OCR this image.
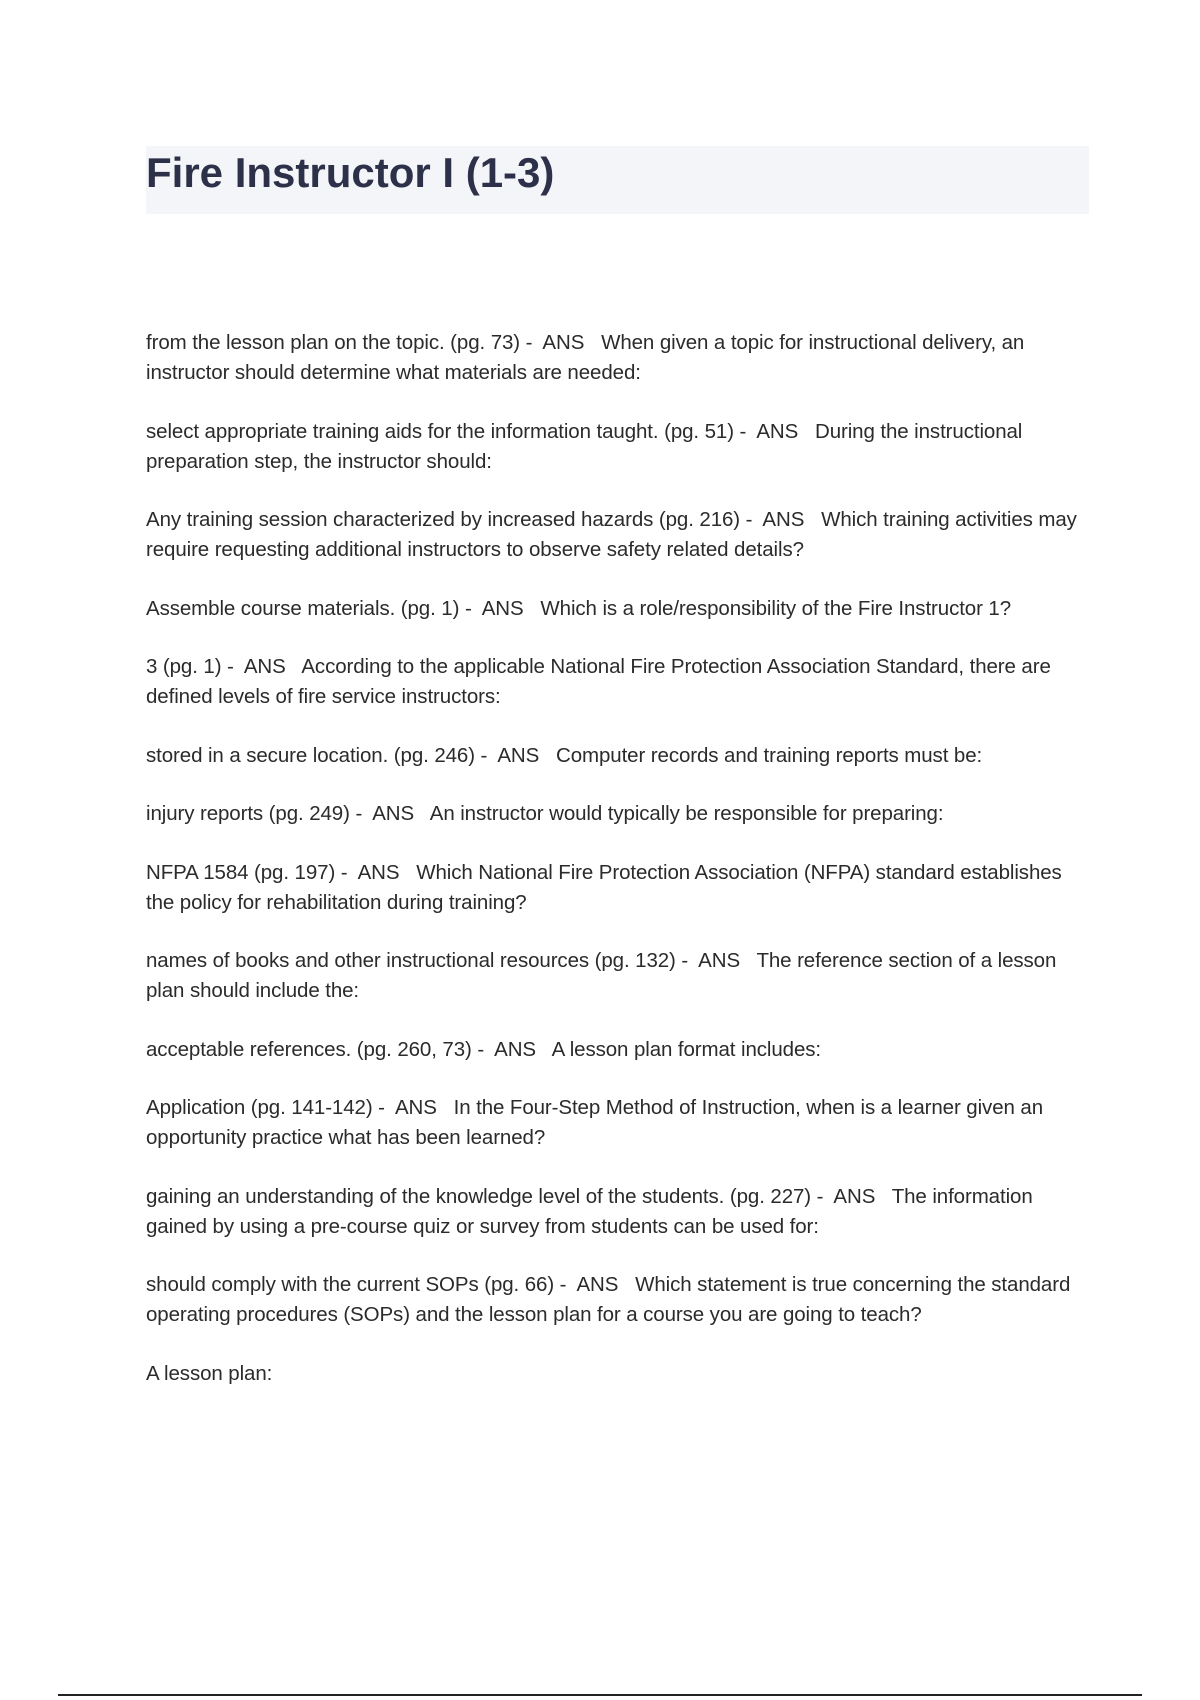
Fire Instructor I (1-3)
from the lesson plan on the topic. (pg. 73) -  ANS When given a topic for instructional delivery, an instructor should determine what materials are needed:
select appropriate training aids for the information taught. (pg. 51) -  ANS During the instructional preparation step, the instructor should:
Any training session characterized by increased hazards (pg. 216) -  ANS Which training activities may require requesting additional instructors to observe safety related details?
Assemble course materials. (pg. 1) -  ANS Which is a role/responsibility of the Fire Instructor 1?
3 (pg. 1) -  ANS According to the applicable National Fire Protection Association Standard, there are defined levels of fire service instructors:
stored in a secure location. (pg. 246) -  ANS Computer records and training reports must be:
injury reports (pg. 249) -  ANS An instructor would typically be responsible for preparing:
NFPA 1584 (pg. 197) -  ANS Which National Fire Protection Association (NFPA) standard establishes the policy for rehabilitation during training?
names of books and other instructional resources (pg. 132) -  ANS The reference section of a lesson plan should include the:
acceptable references. (pg. 260, 73) -  ANS A lesson plan format includes:
Application (pg. 141-142) -  ANS In the Four-Step Method of Instruction, when is a learner given an opportunity practice what has been learned?
gaining an understanding of the knowledge level of the students. (pg. 227) -  ANS The information gained by using a pre-course quiz or survey from students can be used for:
should comply with the current SOPs (pg. 66) -  ANS Which statement is true concerning the standard operating procedures (SOPs) and the lesson plan for a course you are going to teach?
A lesson plan:
